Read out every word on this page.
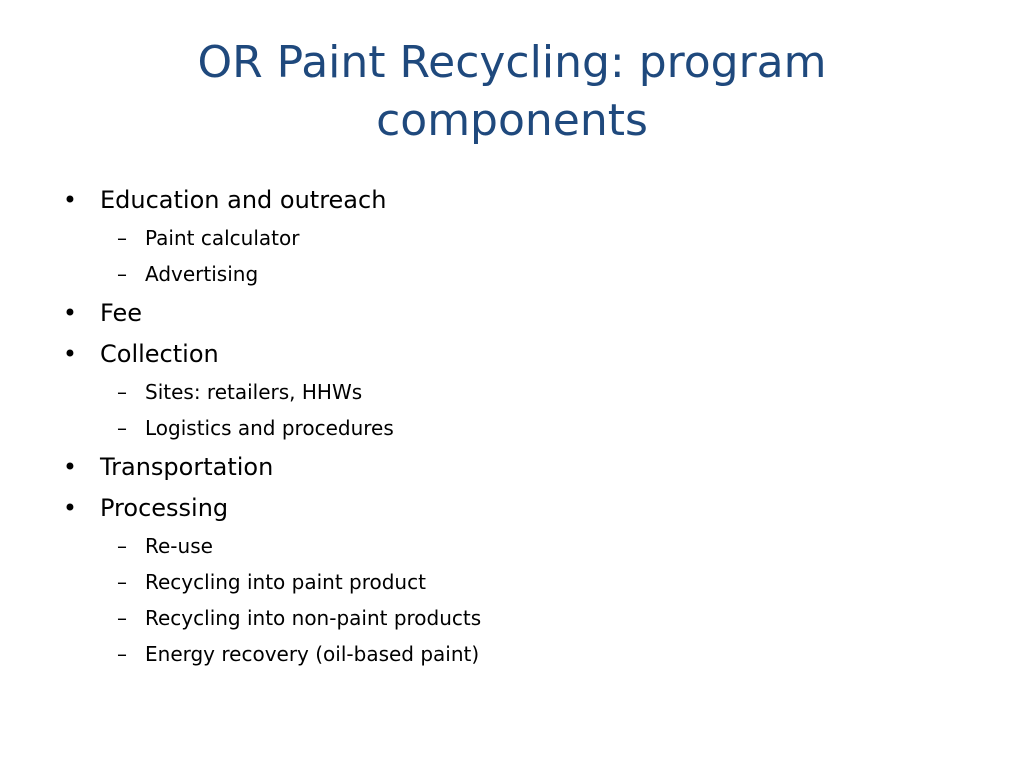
OR Paint Recycling: program
components
• Education and outreach
– Paint calculator
– Advertising
• Fee
• Collection
– Sites: retailers, HHWs
– Logistics and procedures
• Transportation
• Processing
– Re-use
– Recycling into paint product
– Recycling into non-paint products
– Energy recovery (oil-based paint)
